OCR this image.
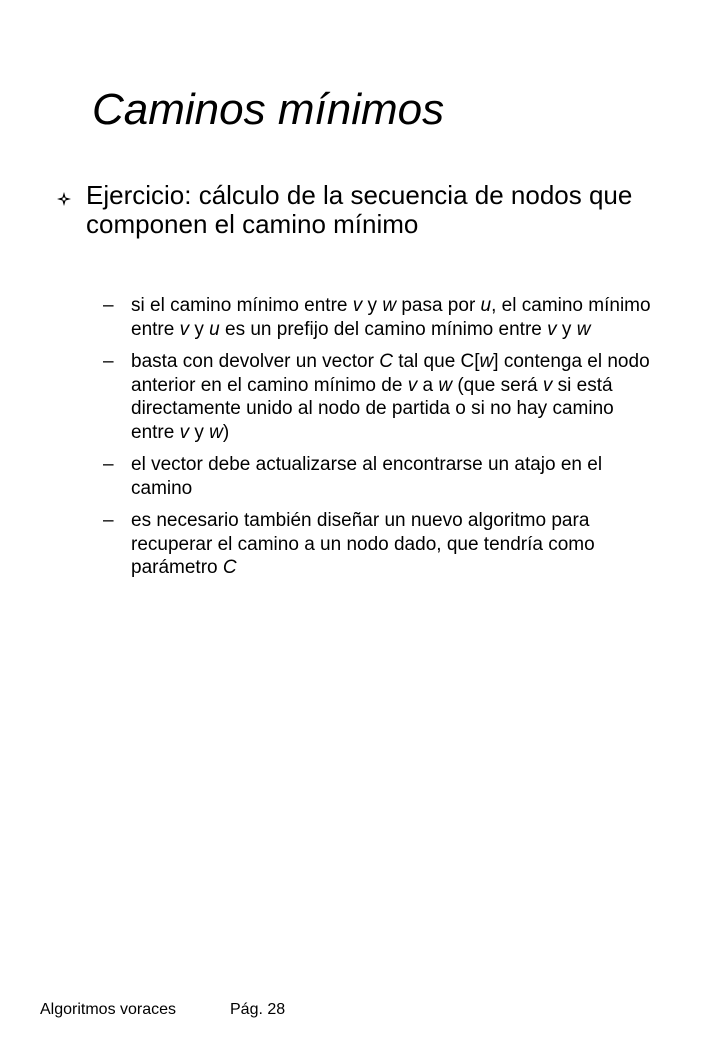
Caminos mínimos
Ejercicio: cálculo de la secuencia de nodos que componen el camino mínimo
– si el camino mínimo entre v y w pasa por u, el camino mínimo entre v y u es un prefijo del camino mínimo entre v y w
– basta con devolver un vector C tal que C[w] contenga el nodo anterior en el camino mínimo de v a w (que será v si está directamente unido al nodo de partida o si no hay camino entre v y w)
– el vector debe actualizarse al encontrarse un atajo en el camino
– es necesario también diseñar un nuevo algoritmo para recuperar el camino a un nodo dado, que tendría como parámetro C
Algoritmos voraces	Pág. 28
